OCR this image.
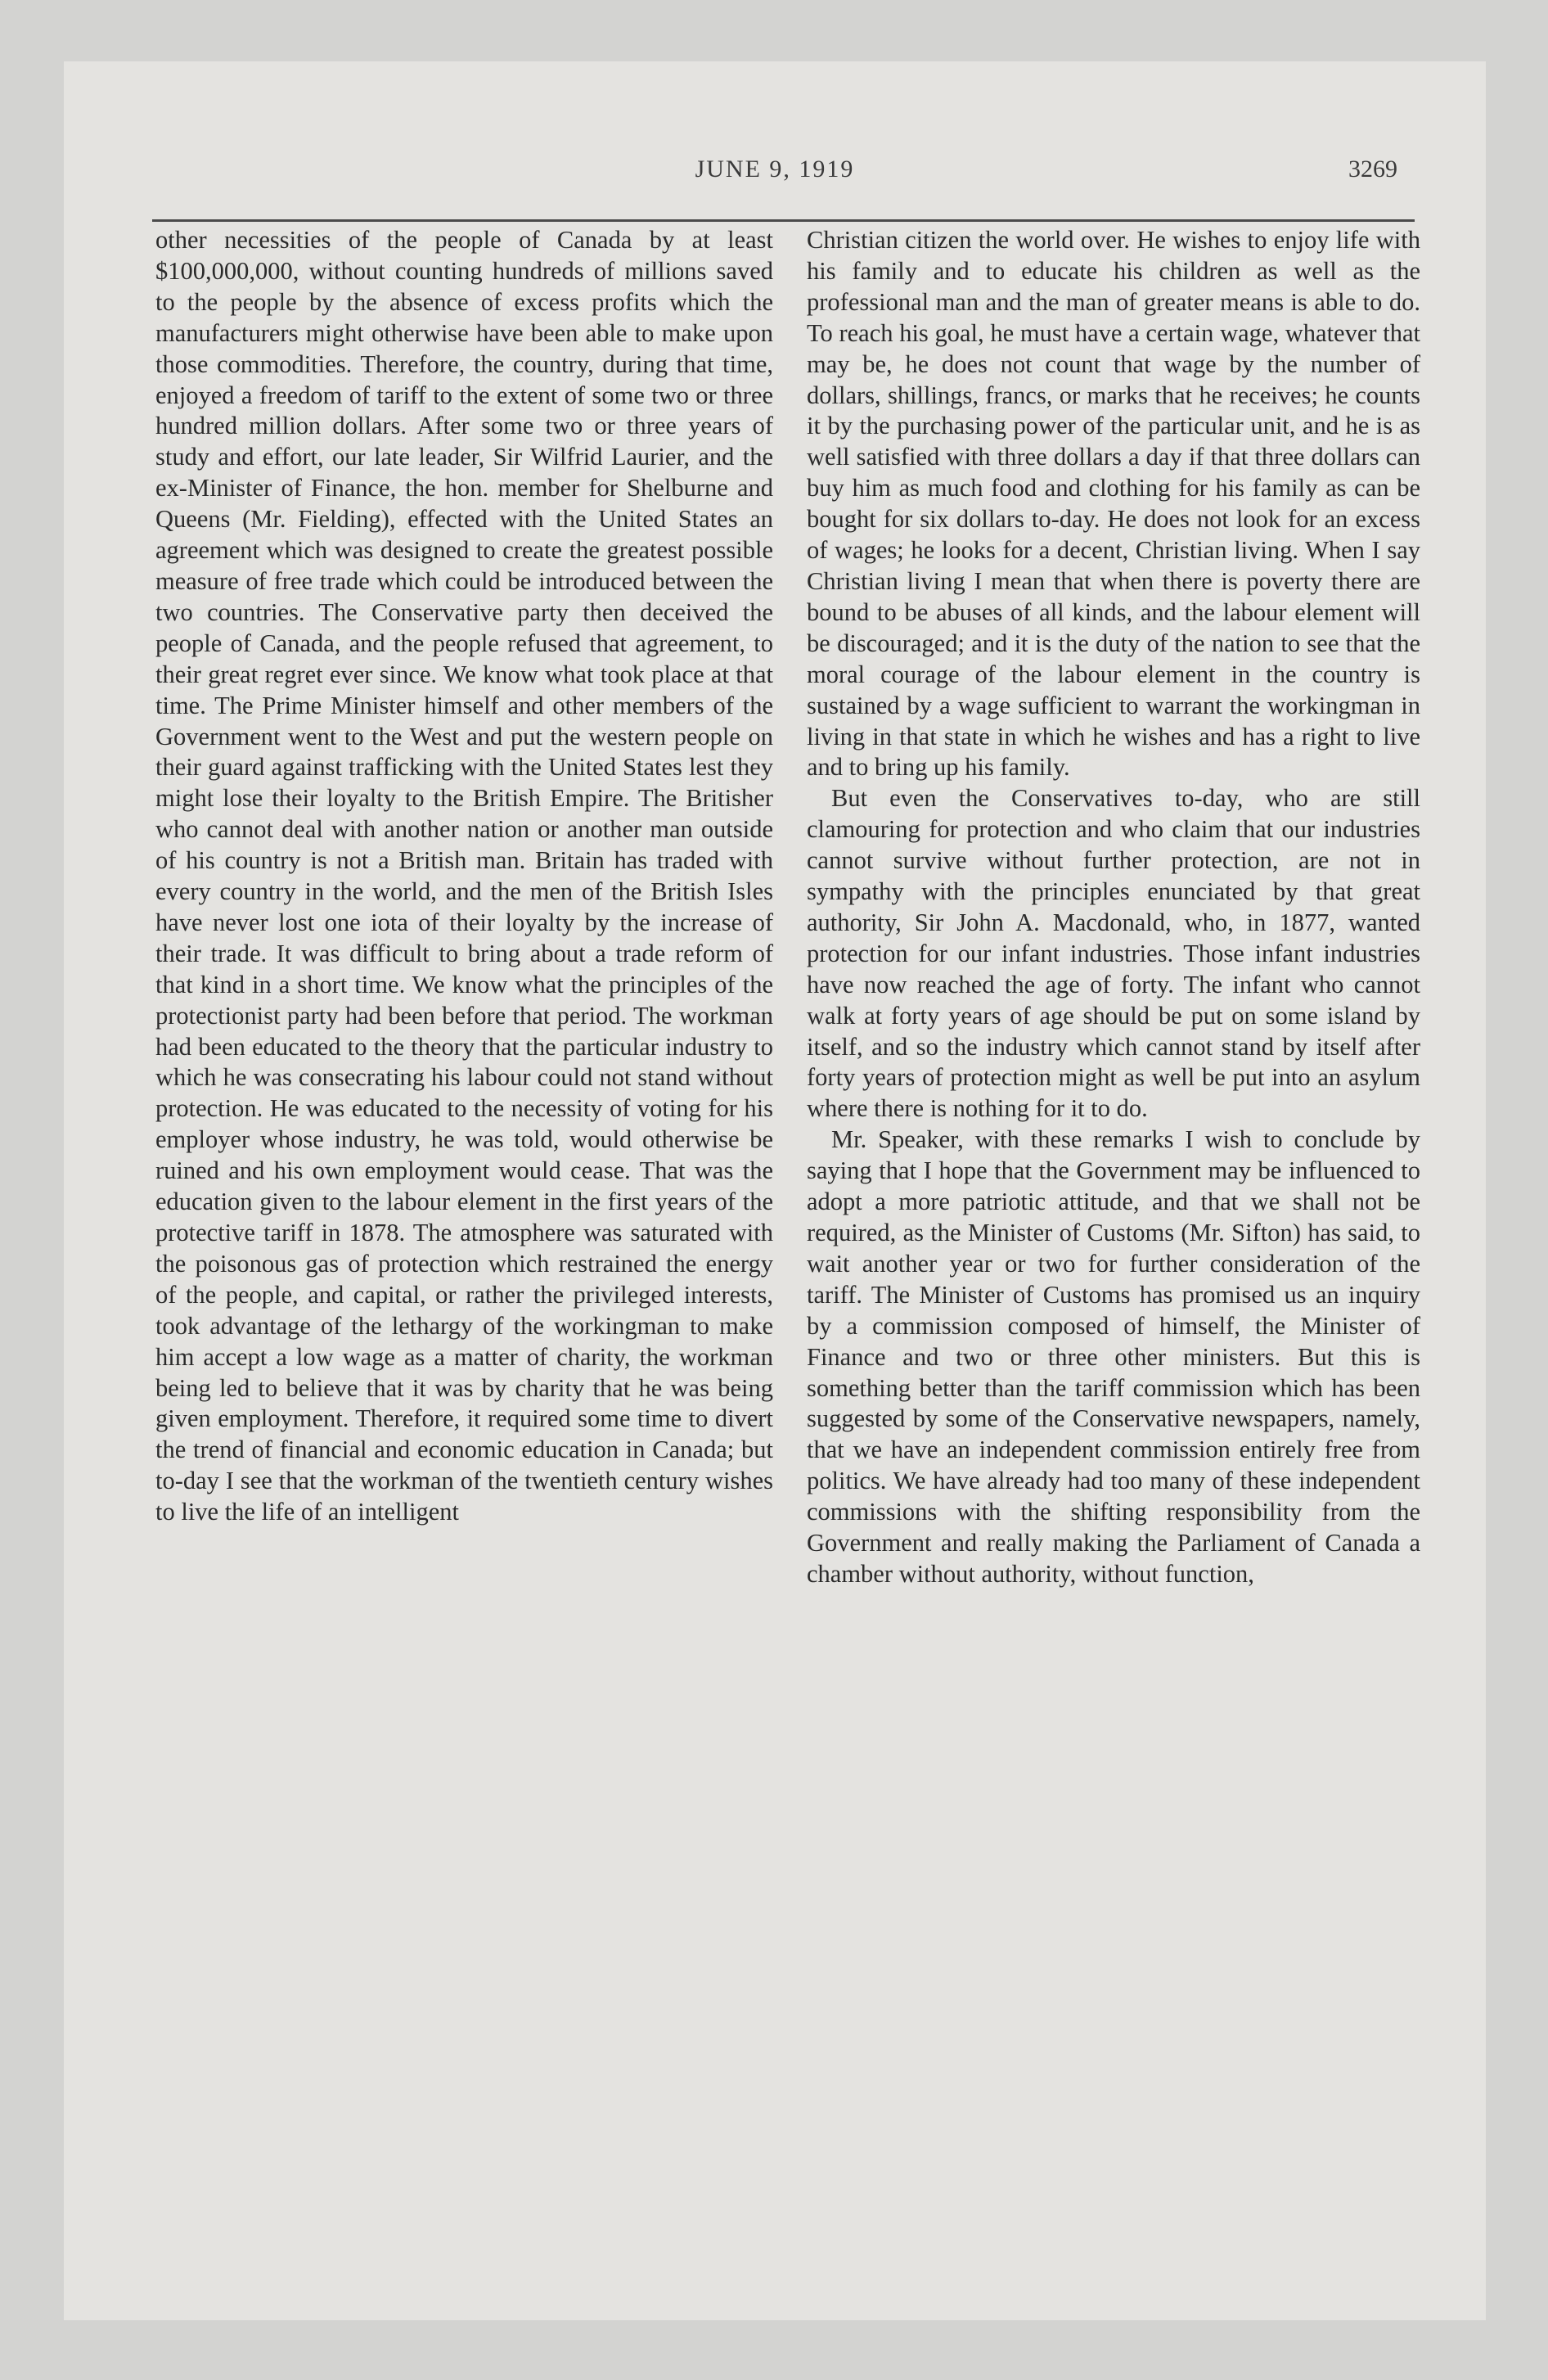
JUNE 9, 1919	3269

other necessities of the people of Canada by at least $100,000,000, without counting hundreds of millions saved to the people by the absence of excess profits which the manufacturers might otherwise have been able to make upon those commodities. Therefore, the country, during that time, enjoyed a freedom of tariff to the extent of some two or three hundred million dollars. After some two or three years of study and effort, our late leader, Sir Wilfrid Laurier, and the ex-Minister of Finance, the hon. member for Shelburne and Queens (Mr. Fielding), effected with the United States an agreement which was designed to create the greatest possible measure of free trade which could be introduced between the two countries. The Conservative party then deceived the people of Canada, and the people refused that agreement, to their great regret ever since. We know what took place at that time. The Prime Minister himself and other members of the Government went to the West and put the western people on their guard against trafficking with the United States lest they might lose their loyalty to the British Empire. The Britisher who cannot deal with another nation or another man outside of his country is not a British man. Britain has traded with every country in the world, and the men of the British Isles have never lost one iota of their loyalty by the increase of their trade. It was difficult to bring about a trade reform of that kind in a short time. We know what the principles of the protectionist party had been before that period. The workman had been educated to the theory that the particular industry to which he was consecrating his labour could not stand without protection. He was educated to the necessity of voting for his employer whose industry, he was told, would otherwise be ruined and his own employment would cease. That was the education given to the labour element in the first years of the protective tariff in 1878. The atmosphere was saturated with the poisonous gas of protection which restrained the energy of the people, and capital, or rather the privileged interests, took advantage of the lethargy of the workingman to make him accept a low wage as a matter of charity, the workman being led to believe that it was by charity that he was being given employment. Therefore, it required some time to divert the trend of financial and economic education in Canada; but to-day I see that the workman of the twentieth century wishes to live the life of an intelligent

Christian citizen the world over. He wishes to enjoy life with his family and to educate his children as well as the professional man and the man of greater means is able to do. To reach his goal, he must have a certain wage, whatever that may be, he does not count that wage by the number of dollars, shillings, francs, or marks that he receives; he counts it by the purchasing power of the particular unit, and he is as well satisfied with three dollars a day if that three dollars can buy him as much food and clothing for his family as can be bought for six dollars to-day. He does not look for an excess of wages; he looks for a decent, Christian living. When I say Christian living I mean that when there is poverty there are bound to be abuses of all kinds, and the labour element will be discouraged; and it is the duty of the nation to see that the moral courage of the labour element in the country is sustained by a wage sufficient to warrant the workingman in living in that state in which he wishes and has a right to live and to bring up his family.

But even the Conservatives to-day, who are still clamouring for protection and who claim that our industries cannot survive without further protection, are not in sympathy with the principles enunciated by that great authority, Sir John A. Macdonald, who, in 1877, wanted protection for our infant industries. Those infant industries have now reached the age of forty. The infant who cannot walk at forty years of age should be put on some island by itself, and so the industry which cannot stand by itself after forty years of protection might as well be put into an asylum where there is nothing for it to do.

Mr. Speaker, with these remarks I wish to conclude by saying that I hope that the Government may be influenced to adopt a more patriotic attitude, and that we shall not be required, as the Minister of Customs (Mr. Sifton) has said, to wait another year or two for further consideration of the tariff. The Minister of Customs has promised us an inquiry by a commission composed of himself, the Minister of Finance and two or three other ministers. But this is something better than the tariff commission which has been suggested by some of the Conservative newspapers, namely, that we have an independent commission entirely free from politics. We have already had too many of these independent commissions with the shifting responsibility from the Government and really making the Parliament of Canada a chamber without authority, without function,
